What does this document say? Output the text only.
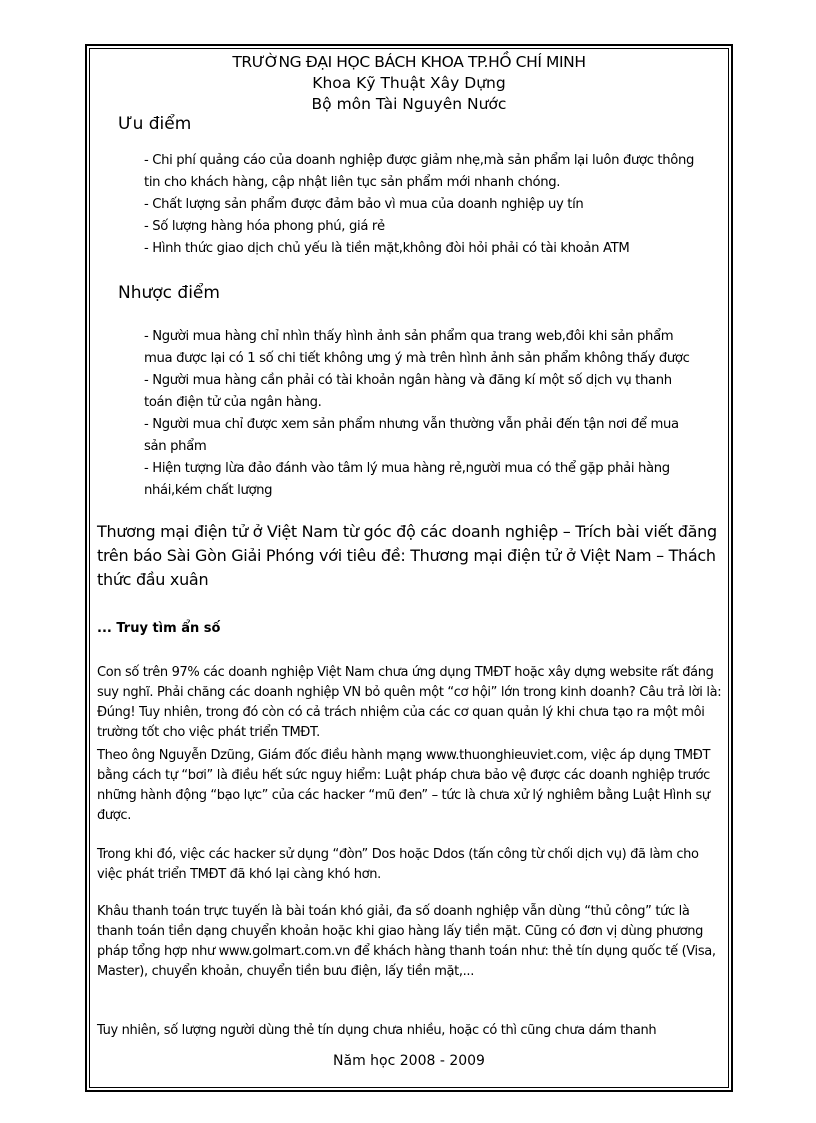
TRƯỜNG ĐẠI HỌC BÁCH KHOA TP.HỒ CHÍ MINH
Khoa Kỹ Thuật Xây Dựng
Bộ môn Tài Nguyên Nước
Ưu điểm
- Chi phí quảng cáo của doanh nghiệp được giảm nhẹ,mà sản phẩm lại luôn được thông
tin cho khách hàng, cập nhật liên tục sản phẩm mới nhanh chóng.
- Chất lượng sản phẩm được đảm bảo vì mua của doanh nghiệp uy tín
- Số lượng hàng hóa phong phú, giá rẻ
- Hình thức giao dịch chủ yếu là tiền mặt,không đòi hỏi phải có tài khoản ATM
Nhược điểm
- Người mua hàng chỉ nhìn thấy hình ảnh sản phẩm qua trang web,đôi khi sản phẩm
mua được lại có 1 số chi tiết không ưng ý mà trên hình ảnh sản phẩm không thấy được
- Người mua hàng cần phải có tài khoản ngân hàng và đăng kí một số dịch vụ thanh
toán điện tử của ngân hàng.
- Người mua chỉ được xem sản phẩm nhưng vẫn thường vẫn phải đến tận nơi để mua
sản phẩm
- Hiện tượng lừa đảo đánh vào tâm lý mua hàng rẻ,người mua có thể gặp phải hàng
nhái,kém chất lượng
Thương mại điện tử ở Việt Nam từ góc độ các doanh nghiệp – Trích bài viết đăng trên báo Sài Gòn Giải Phóng với tiêu đề: Thương mại điện tử ở Việt Nam – Thách thức đầu xuân
... Truy tìm ẩn số
Con số trên 97% các doanh nghiệp Việt Nam chưa ứng dụng TMĐT hoặc xây dựng website rất đáng suy nghĩ. Phải chăng các doanh nghiệp VN bỏ quên một “cơ hội” lớn trong kinh doanh? Câu trả lời là: Đúng! Tuy nhiên, trong đó còn có cả trách nhiệm của các cơ quan quản lý khi chưa tạo ra một môi trường tốt cho việc phát triển TMĐT.
Theo ông Nguyễn Dzũng, Giám đốc điều hành mạng www.thuonghieuviet.com, việc áp dụng TMĐT bằng cách tự “bơi” là điều hết sức nguy hiểm: Luật pháp chưa bảo vệ được các doanh nghiệp trước những hành động “bạo lực” của các hacker “mũ đen” – tức là chưa xử lý nghiêm bằng Luật Hình sự được.
Trong khi đó, việc các hacker sử dụng “đòn” Dos hoặc Ddos (tấn công từ chối dịch vụ) đã làm cho việc phát triển TMĐT đã khó lại càng khó hơn.
Khâu thanh toán trực tuyến là bài toán khó giải, đa số doanh nghiệp vẫn dùng “thủ công” tức là thanh toán tiền dạng chuyển khoản hoặc khi giao hàng lấy tiền mặt. Cũng có đơn vị dùng phương pháp tổng hợp như www.golmart.com.vn để khách hàng thanh toán như: thẻ tín dụng quốc tế (Visa, Master), chuyển khoản, chuyển tiền bưu điện, lấy tiền mặt,...
Tuy nhiên, số lượng người dùng thẻ tín dụng chưa nhiều, hoặc có thì cũng chưa dám thanh
Năm học 2008 - 2009
